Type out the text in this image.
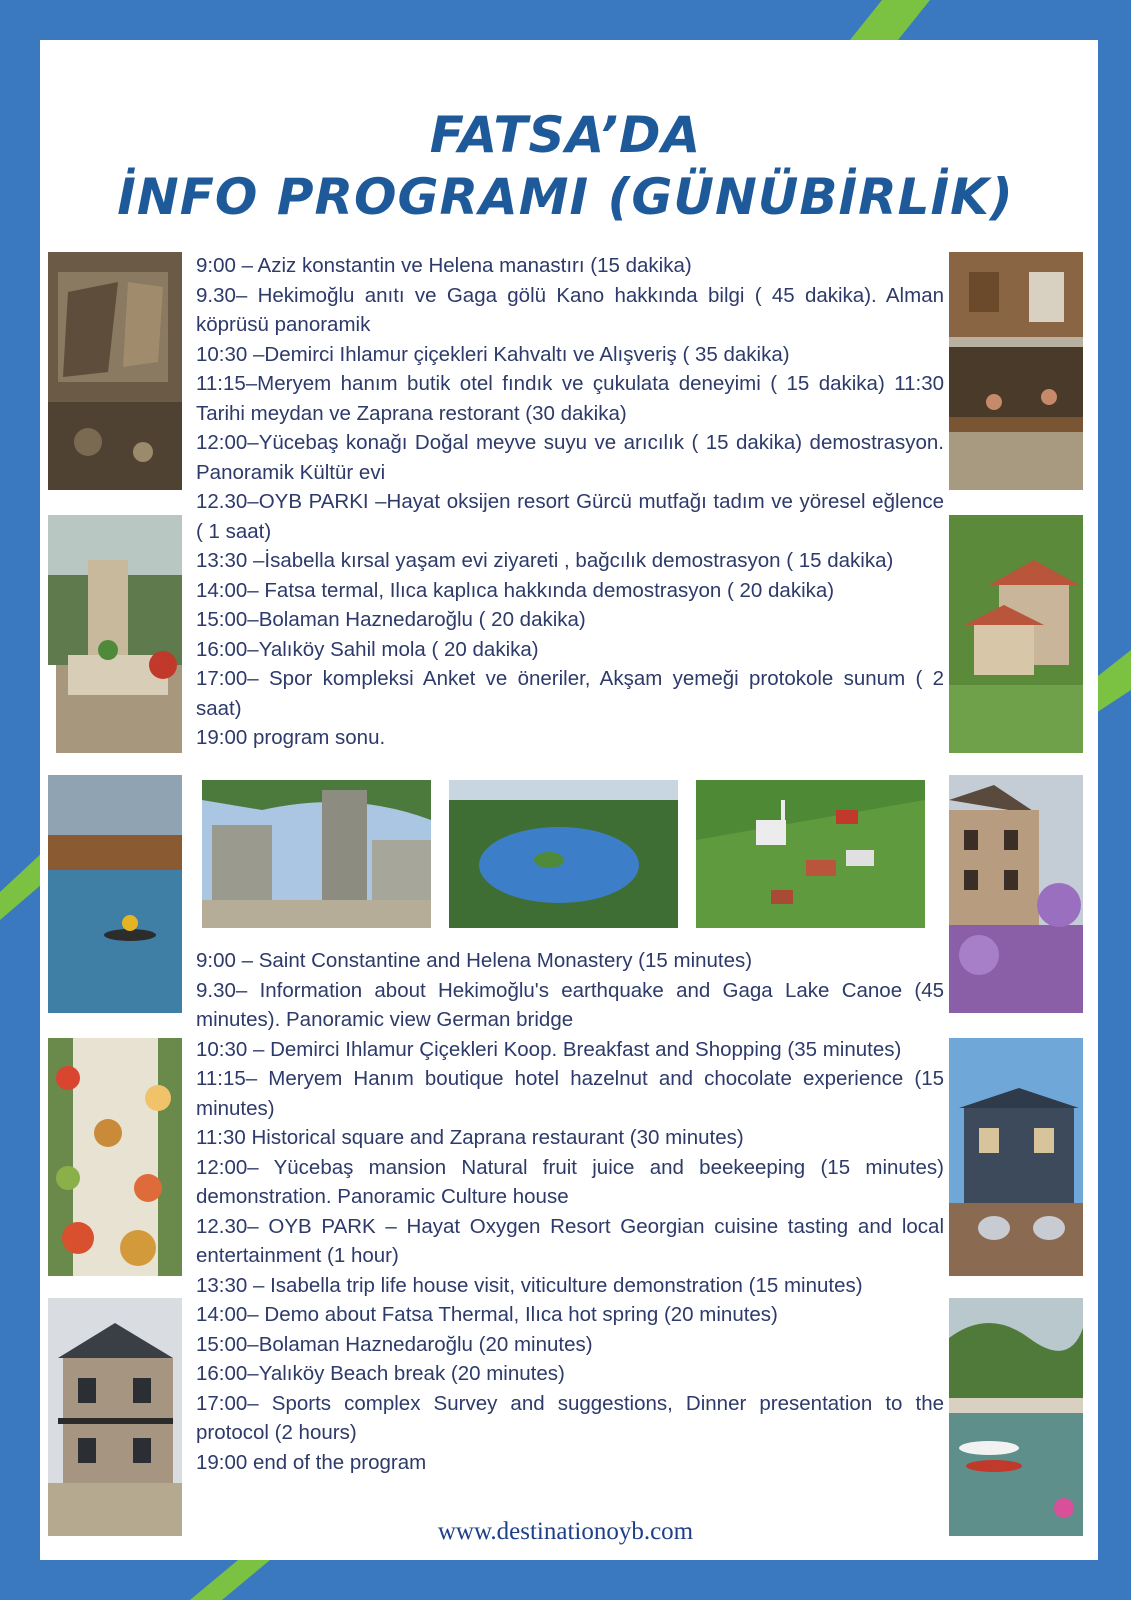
FATSA’DA
İNFO PROGRAMI (GÜNÜBİRLİK)

9:00 – Aziz konstantin ve Helena manastırı (15 dakika)

9.30– Hekimoğlu anıtı ve Gaga gölü Kano hakkında bilgi ( 45 dakika). Alman köprüsü panoramik

10:30 –Demirci Ihlamur çiçekleri Kahvaltı ve Alışveriş ( 35 dakika)

11:15–Meryem hanım butik otel fındık ve çukulata deneyimi ( 15 dakika) 11:30 Tarihi meydan ve Zaprana restorant (30 dakika)

12:00–Yücebaş konağı Doğal meyve suyu ve arıcılık ( 15 dakika) demostrasyon. Panoramik Kültür evi

12.30–OYB PARKI –Hayat oksijen resort Gürcü mutfağı tadım ve yöresel eğlence ( 1 saat)

13:30 –İsabella kırsal yaşam evi ziyareti , bağcılık demostrasyon ( 15 dakika)

14:00– Fatsa termal, Ilıca kaplıca hakkında demostrasyon ( 20 dakika)

15:00–Bolaman Haznedaroğlu ( 20 dakika)

16:00–Yalıköy Sahil mola ( 20 dakika)

17:00– Spor kompleksi Anket ve öneriler, Akşam yemeği protokole sunum ( 2 saat)

19:00 program sonu.

9:00 – Saint Constantine and Helena Monastery (15 minutes)

9.30– Information about Hekimoğlu's earthquake and Gaga Lake Canoe (45 minutes). Panoramic view German bridge

10:30 – Demirci Ihlamur Çiçekleri Koop. Breakfast and Shopping (35 minutes)

11:15– Meryem Hanım boutique hotel hazelnut and chocolate experience (15 minutes)

11:30 Historical square and Zaprana restaurant (30 minutes)

12:00– Yücebaş mansion Natural fruit juice and beekeeping (15 minutes) demonstration. Panoramic Culture house

12.30– OYB PARK – Hayat Oxygen Resort Georgian cuisine tasting and local entertainment (1 hour)

13:30 – Isabella trip life house visit, viticulture demonstration (15 minutes)

14:00– Demo about Fatsa Thermal, Ilıca hot spring (20 minutes)

15:00–Bolaman Haznedaroğlu (20 minutes)

16:00–Yalıköy Beach break (20 minutes)

17:00– Sports complex Survey and suggestions, Dinner presentation to the protocol (2 hours)

19:00 end of the program

www.destinationoyb.com
